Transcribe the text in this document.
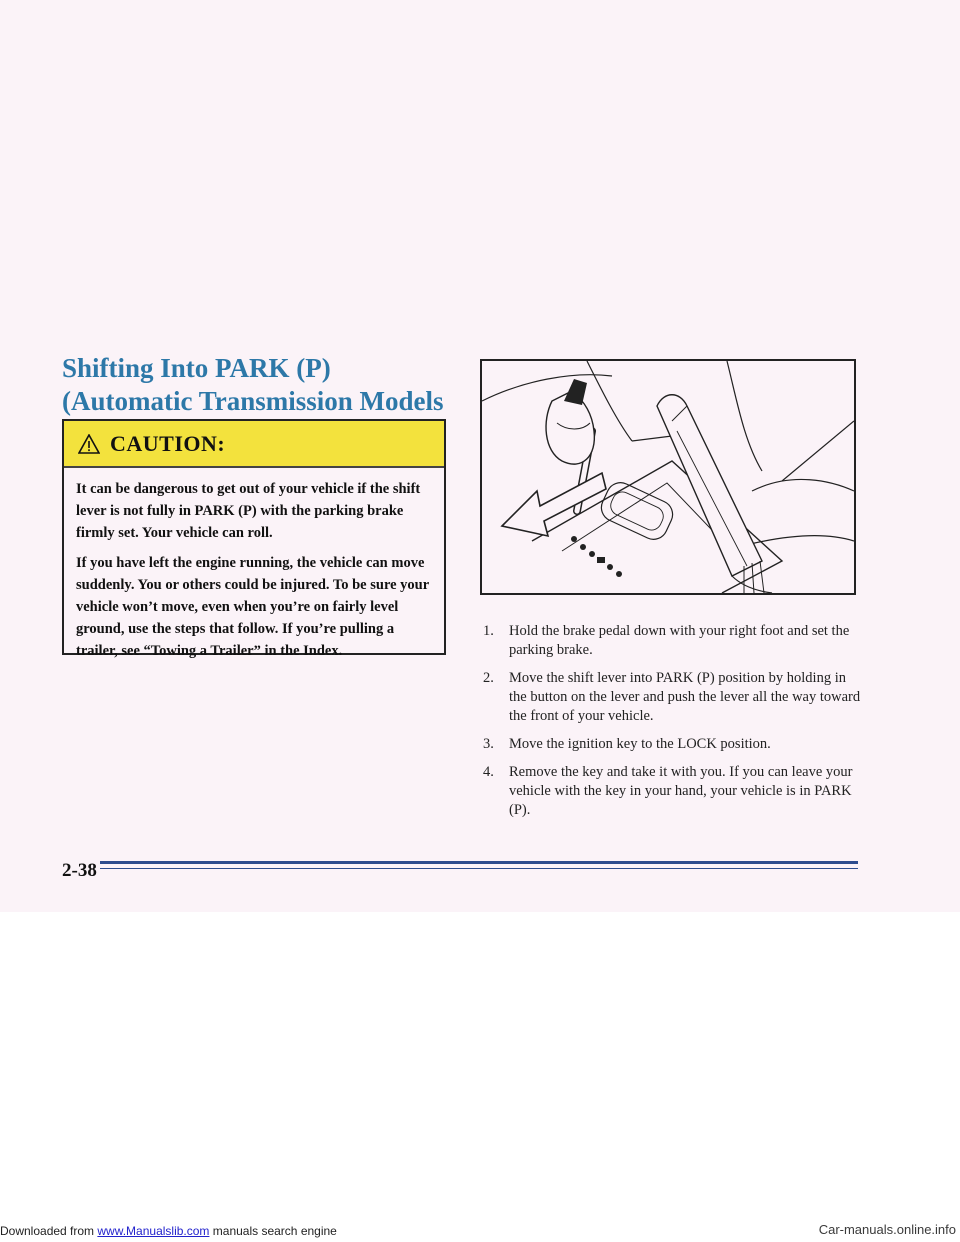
Shifting Into PARK (P) (Automatic Transmission Models
CAUTION:

It can be dangerous to get out of your vehicle if the shift lever is not fully in PARK (P) with the parking brake firmly set. Your vehicle can roll.

If you have left the engine running, the vehicle can move suddenly. You or others could be injured. To be sure your vehicle won’t move, even when you’re on fairly level ground, use the steps that follow. If you’re pulling a trailer, see “Towing a Trailer” in the Index.

1. Hold the brake pedal down with your right foot and set the parking brake.
2. Move the shift lever into PARK (P) position by holding in the button on the lever and push the lever all the way toward the front of your vehicle.
3. Move the ignition key to the LOCK position.
4. Remove the key and take it with you. If you can leave your vehicle with the key in your hand, your vehicle is in PARK (P).
2-38
Downloaded from www.Manualslib.com manuals search engine	Car-manuals.online.info
